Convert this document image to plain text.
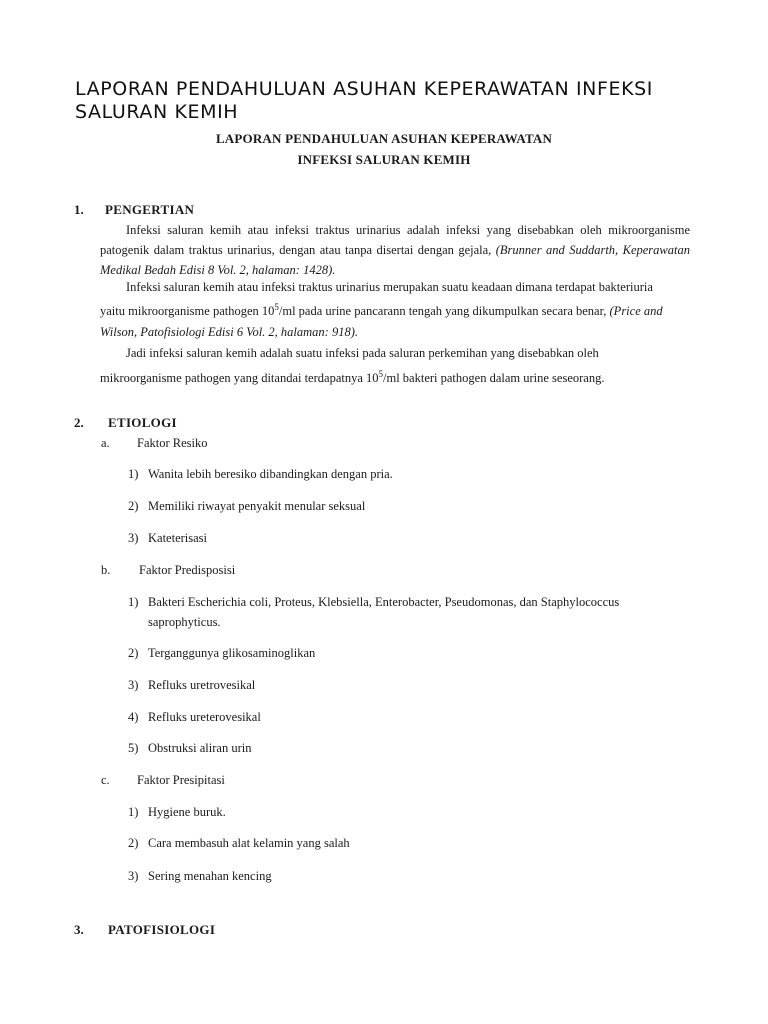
LAPORAN PENDAHULUAN ASUHAN KEPERAWATAN INFEKSI SALURAN KEMIH
LAPORAN PENDAHULUAN ASUHAN KEPERAWATAN
INFEKSI SALURAN KEMIH
1. PENGERTIAN

Infeksi saluran kemih atau infeksi traktus urinarius adalah infeksi yang disebabkan oleh mikroorganisme patogenik dalam traktus urinarius, dengan atau tanpa disertai dengan gejala, (Brunner and Suddarth, Keperawatan Medikal Bedah Edisi 8 Vol. 2, halaman: 1428).

Infeksi saluran kemih atau infeksi traktus urinarius merupakan suatu keadaan dimana terdapat bakteriuria
yaitu mikroorganisme pathogen $10^5/ml$ pada urine pancarann tengah yang dikumpulkan secara benar, (Price and
Wilson, Patofisiologi Edisi 6 Vol. 2, halaman: 918).
Jadi infeksi saluran kemih adalah suatu infeksi pada saluran perkemihan yang disebabkan oleh
mikroorganisme pathogen yang ditandai terdapatnya $10^5/ml$ bakteri pathogen dalam urine seseorang.
2. ETIOLOGI
a. Faktor Resiko
1) Wanita lebih beresiko dibandingkan dengan pria.
2) Memiliki riwayat penyakit menular seksual
3) Kateterisasi
b. Faktor Predisposisi
1) Bakteri Escherichia coli, Proteus, Klebsiella, Enterobacter, Pseudomonas, dan Staphylococcus
saprophyticus.
2) Terganggunya glikosaminoglikan
3) Refluks uretrovesikal
4) Refluks ureterovesikal
5) Obstruksi aliran urin
c. Faktor Presipitasi
1) Hygiene buruk.
2) Cara membasuh alat kelamin yang salah
3) Sering menahan kencing
3. PATOFISIOLOGI
